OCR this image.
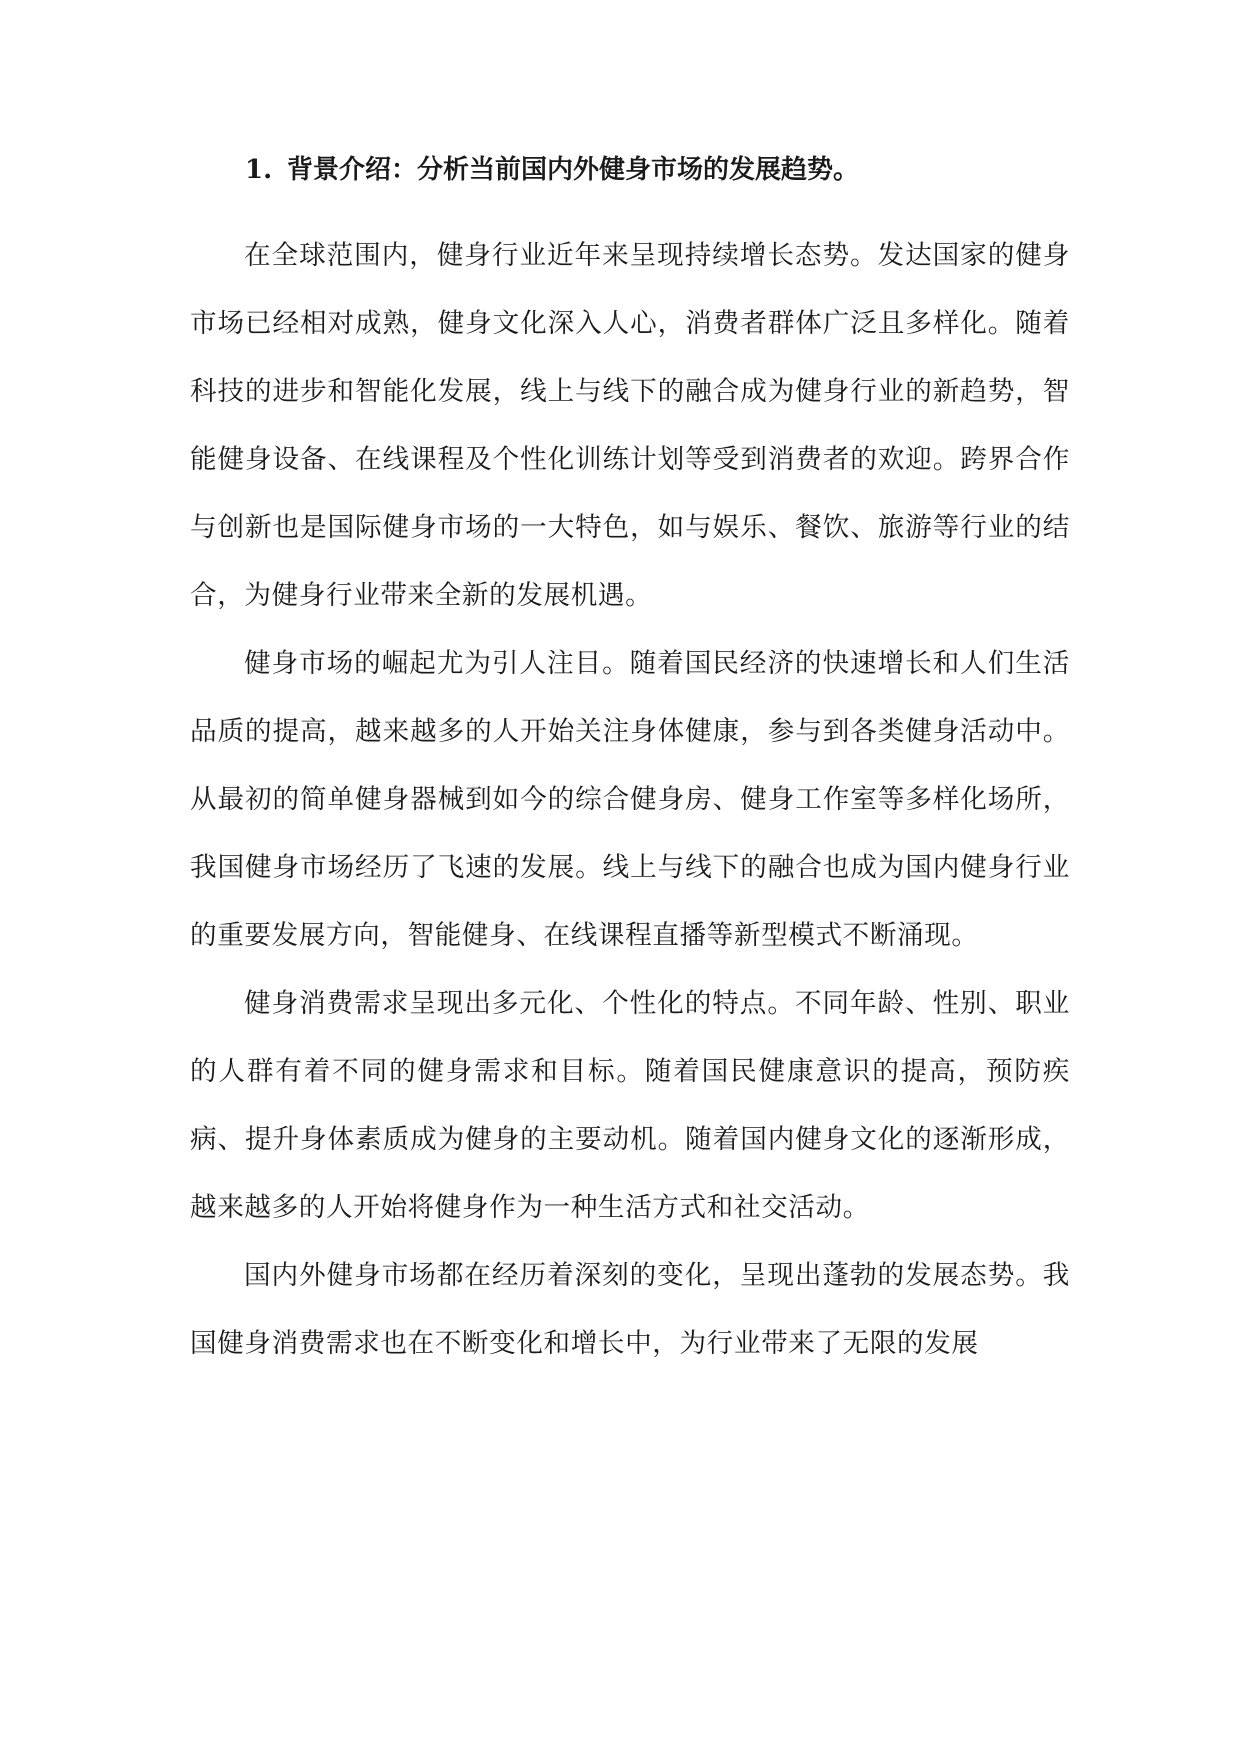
1. 背景介绍：分析当前国内外健身市场的发展趋势。

在全球范围内，健身行业近年来呈现持续增长态势。发达国家的健身市场已经相对成熟，健身文化深入人心，消费者群体广泛且多样化。随着科技的进步和智能化发展，线上与线下的融合成为健身行业的新趋势，智能健身设备、在线课程及个性化训练计划等受到消费者的欢迎。跨界合作与创新也是国际健身市场的一大特色，如与娱乐、餐饮、旅游等行业的结合，为健身行业带来全新的发展机遇。

健身市场的崛起尤为引人注目。随着国民经济的快速增长和人们生活品质的提高，越来越多的人开始关注身体健康，参与到各类健身活动中。从最初的简单健身器械到如今的综合健身房、健身工作室等多样化场所，我国健身市场经历了飞速的发展。线上与线下的融合也成为国内健身行业的重要发展方向，智能健身、在线课程直播等新型模式不断涌现。

健身消费需求呈现出多元化、个性化的特点。不同年龄、性别、职业的人群有着不同的健身需求和目标。随着国民健康意识的提高，预防疾病、提升身体素质成为健身的主要动机。随着国内健身文化的逐渐形成，越来越多的人开始将健身作为一种生活方式和社交活动。

国内外健身市场都在经历着深刻的变化，呈现出蓬勃的发展态势。我国健身消费需求也在不断变化和增长中，为行业带来了无限的发展
